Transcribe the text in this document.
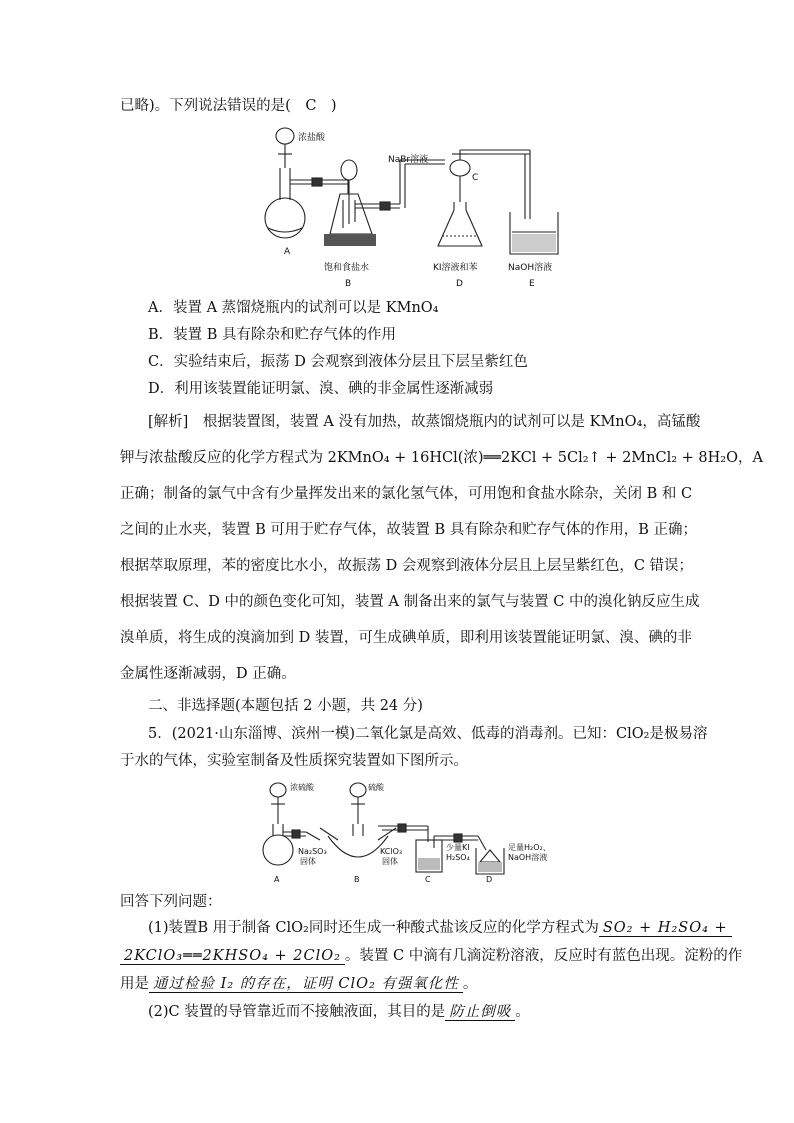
已略)。下列说法错误的是(　C　)
浓盐酸
NaBr溶液
C
A
饱和食盐水
B
KI溶液和苯
D
NaOH溶液
E
A．装置 A 蒸馏烧瓶内的试剂可以是 KMnO₄
B．装置 B 具有除杂和贮存气体的作用
C．实验结束后，振荡 D 会观察到液体分层且下层呈紫红色
D．利用该装置能证明氯、溴、碘的非金属性逐渐减弱
[解析]　根据装置图，装置 A 没有加热，故蒸馏烧瓶内的试剂可以是 KMnO₄，高锰酸
钾与浓盐酸反应的化学方程式为 2KMnO₄ + 16HCl(浓)══2KCl + 5Cl₂↑ + 2MnCl₂ + 8H₂O，A
正确；制备的氯气中含有少量挥发出来的氯化氢气体，可用饱和食盐水除杂，关闭 B 和 C
之间的止水夹，装置 B 可用于贮存气体，故装置 B 具有除杂和贮存气体的作用，B 正确；
根据萃取原理，苯的密度比水小，故振荡 D 会观察到液体分层且上层呈紫红色，C 错误；
根据装置 C、D 中的颜色变化可知，装置 A 制备出来的氯气与装置 C 中的溴化钠反应生成
溴单质，将生成的溴滴加到 D 装置，可生成碘单质，即利用该装置能证明氯、溴、碘的非
金属性逐渐减弱，D 正确。
二、非选择题(本题包括 2 小题，共 24 分)
5．(2021·山东淄博、滨州一模)二氧化氯是高效、低毒的消毒剂。已知：ClO₂是极易溶
于水的气体，实验室制备及性质探究装置如下图所示。
浓硫酸	硫酸
Na₂SO₃
固体
KClO₃
固体
少量KI
H₂SO₄
足量H₂O₂、
NaOH溶液
A	B	C	D
回答下列问题：
(1)装置B 用于制备 ClO₂同时还生成一种酸式盐该反应的化学方程式为 SO₂ + H₂SO₄ +
2KClO₃══2KHSO₄ + 2ClO₂ 。装置 C 中滴有几滴淀粉溶液，反应时有蓝色出现。淀粉的作
用是 通过检验 I₂ 的存在，证明 ClO₂ 有强氧化性 。
(2)C 装置的导管靠近而不接触液面，其目的是 防止倒吸 。
